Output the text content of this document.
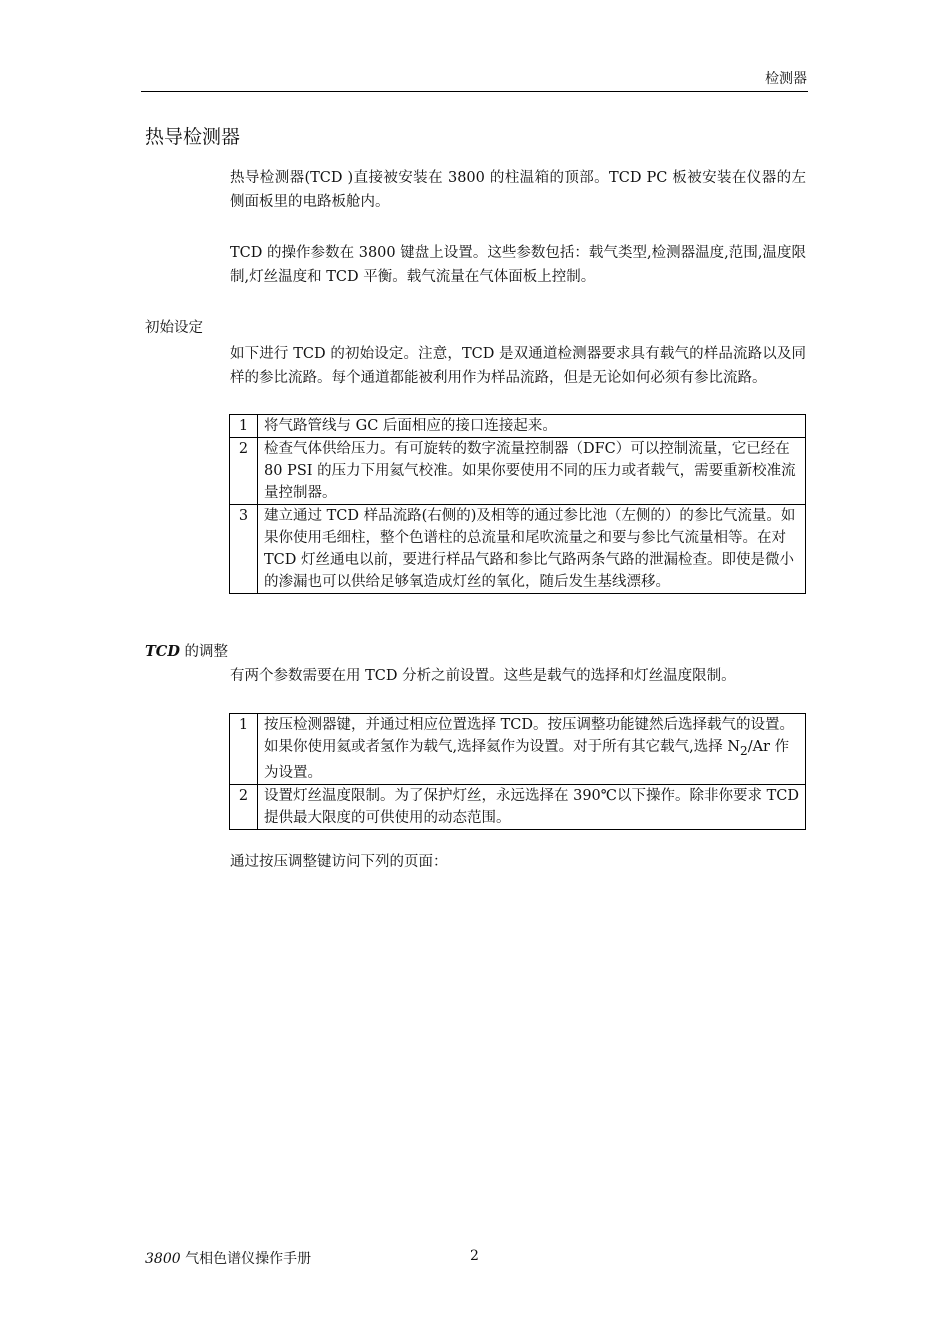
检测器
热导检测器
热导检测器(TCD )直接被安装在 3800 的柱温箱的顶部。TCD PC 板被安装在仪器的左侧面板里的电路板舱内。
TCD 的操作参数在 3800 键盘上设置。这些参数包括：载气类型,检测器温度,范围,温度限制,灯丝温度和 TCD 平衡。载气流量在气体面板上控制。
初始设定
如下进行 TCD 的初始设定。注意，TCD 是双通道检测器要求具有载气的样品流路以及同样的参比流路。每个通道都能被利用作为样品流路，但是无论如何必须有参比流路。
1	将气路管线与 GC 后面相应的接口连接起来。
2	检查气体供给压力。有可旋转的数字流量控制器（DFC）可以控制流量，它已经在 80 PSI 的压力下用氦气校准。如果你要使用不同的压力或者载气，需要重新校准流量控制器。
3	建立通过 TCD 样品流路(右侧的)及相等的通过参比池（左侧的）的参比气流量。如果你使用毛细柱，整个色谱柱的总流量和尾吹流量之和要与参比气流量相等。在对 TCD 灯丝通电以前，要进行样品气路和参比气路两条气路的泄漏检查。即使是微小的渗漏也可以供给足够氧造成灯丝的氧化，随后发生基线漂移。
TCD 的调整
有两个参数需要在用 TCD 分析之前设置。这些是载气的选择和灯丝温度限制。
1	按压检测器键，并通过相应位置选择 TCD。按压调整功能键然后选择载气的设置。如果你使用氦或者氢作为载气,选择氦作为设置。对于所有其它载气,选择 $N_2/Ar$ 作为设置。
2	设置灯丝温度限制。为了保护灯丝，永远选择在 390℃以下操作。除非你要求 TCD 提供最大限度的可供使用的动态范围。
通过按压调整键访问下列的页面：
3800 气相色谱仪操作手册	2
